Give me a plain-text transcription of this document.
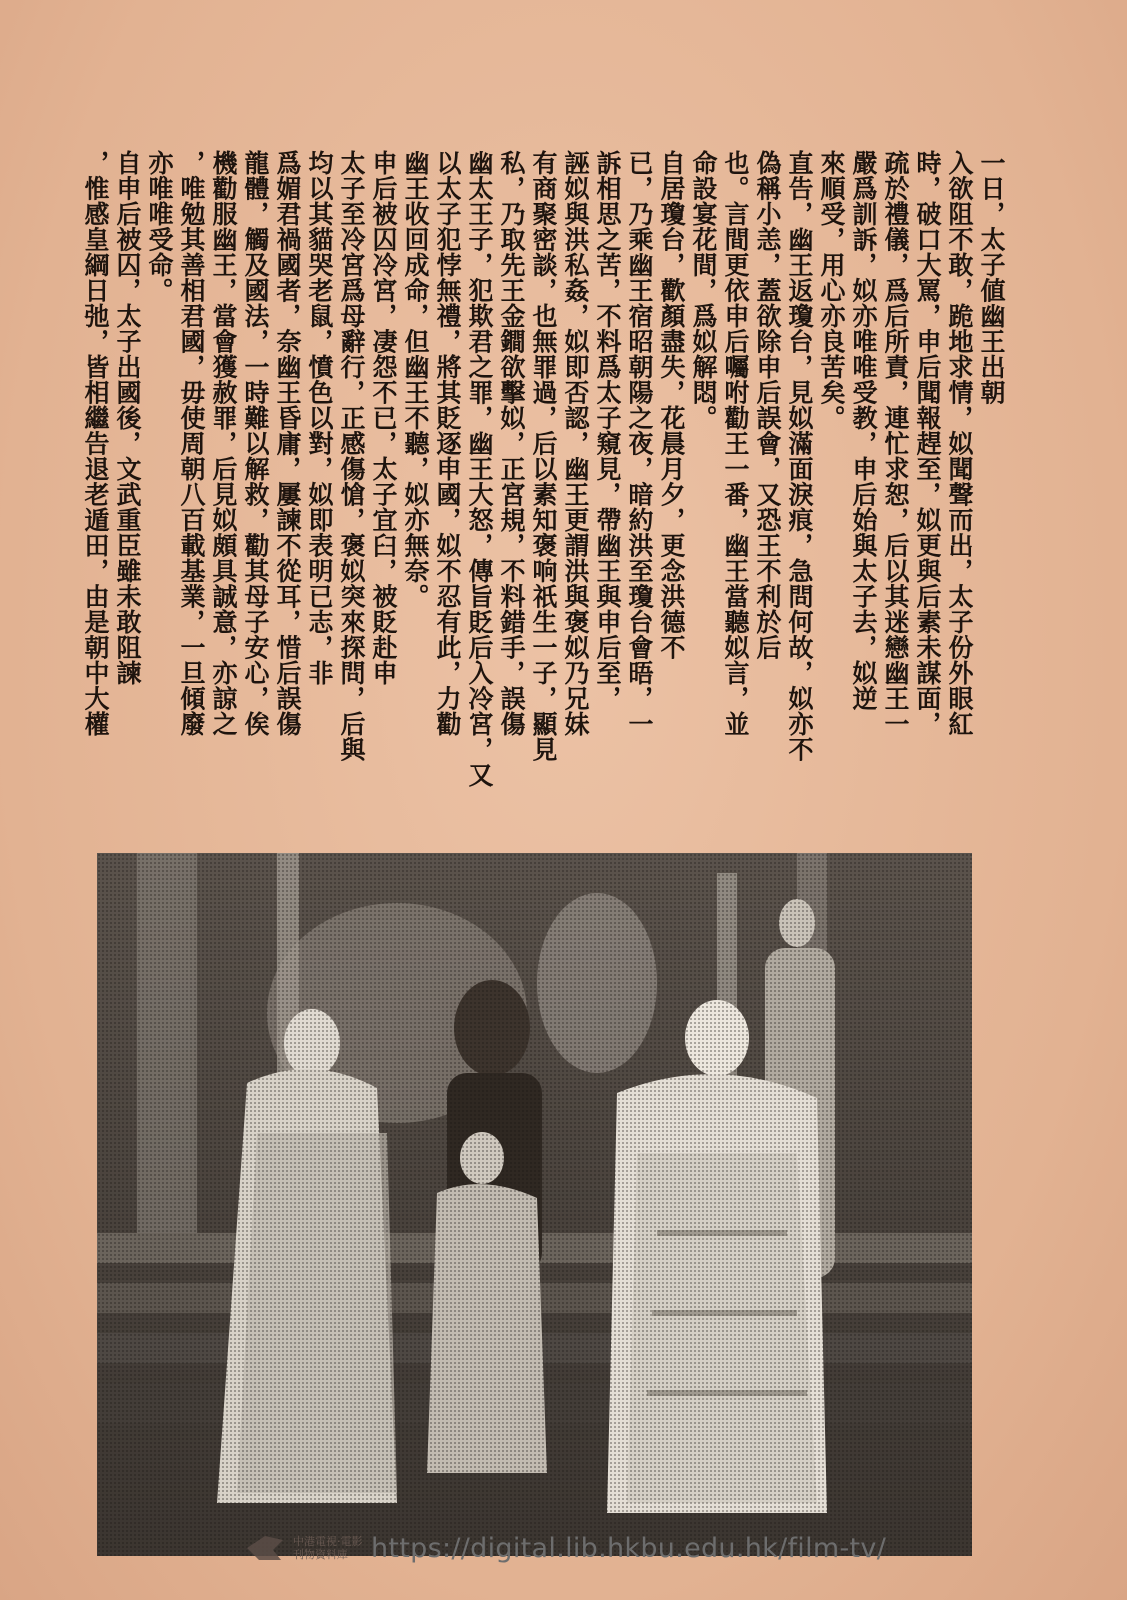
一日，太子値幽王出朝
入欲阻不敢，跪地求情，姒聞聲而出，太子份外眼紅
時，破口大罵，申后聞報趕至，姒更與后素未謀面，
疏於禮儀，爲后所責，連忙求恕，后以其迷戀幽王一
嚴爲訓訴，姒亦唯唯受教，申后始與太子去，姒逆
來順受，用心亦良苦矣。
直告，幽王返瓊台，見姒滿面淚痕，急問何故，姒亦不
偽稱小恙，蓋欲除申后誤會，又恐王不利於后
也。言間更依申后囑咐勸王一番，幽王當聽姒言，並
命設宴花間，爲姒解悶。
自居瓊台，歡顏盡失，花晨月夕，更念洪德不
已，乃乘幽王宿昭朝陽之夜，暗約洪至瓊台會晤，一
訴相思之苦，不料爲太子窺見，帶幽王與申后至，
誣姒與洪私姦，姒即否認，幽王更謂洪與褒姒乃兄妹
有商聚密談，也無罪過，后以素知褒响祇生一子，顯見
私，乃取先王金鐧欲擊姒，正宮規，不料錯手，誤傷
幽太王子，犯欺君之罪，幽王大怒，傳旨貶后入冷宮，又
以太子犯悖無禮，將其貶逐申國，姒不忍有此，力勸
幽王收回成命，但幽王不聽，姒亦無奈。
申后被囚冷宮，凄怨不已，太子宜臼，被貶赴申
太子至冷宮爲母辭行，正感傷愴，褒姒突來探問，后與
均以其貓哭老鼠，憤色以對，姒即表明已志，非
爲媚君禍國者，奈幽王昏庸，屢諫不從耳，惜后誤傷
龍體，觸及國法，一時難以解救，勸其母子安心，俟
機勸服幽王，當會獲赦罪，后見姒頗具誠意，亦諒之
，唯勉其善相君國，毋使周朝八百載基業，一旦傾廢
亦唯唯受命。
自申后被囚，太子出國後，文武重臣雖未敢阻諫
，惟感皇綱日弛，皆相繼告退老遁田，由是朝中大權
中港電視·電影
刊物資料庫 https://digital.lib.hkbu.edu.hk/film-tv/
